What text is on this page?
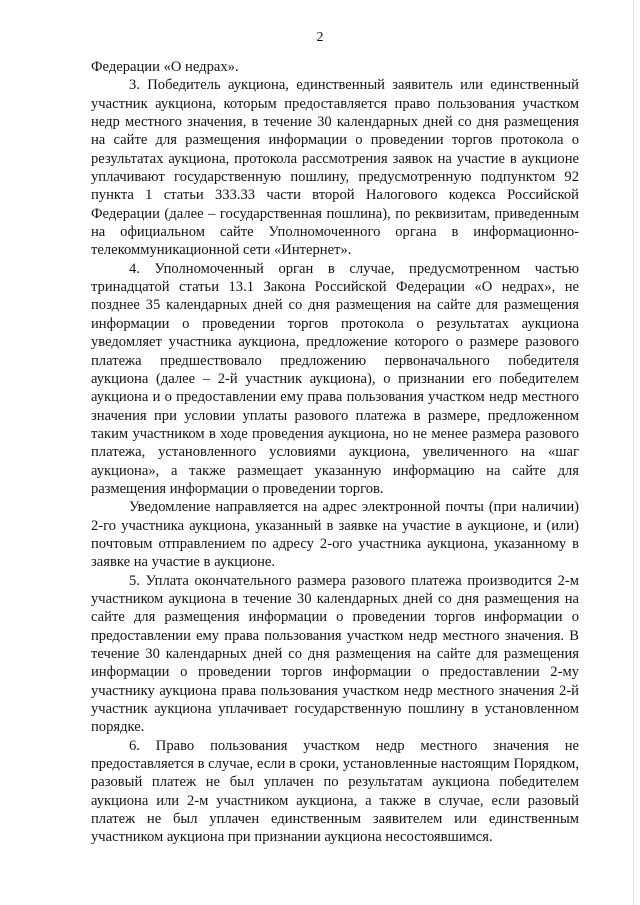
2

Федерации «О недрах».

3. Победитель аукциона, единственный заявитель или единственный участник аукциона, которым предоставляется право пользования участком недр местного значения, в течение 30 календарных дней со дня размещения на сайте для размещения информации о проведении торгов протокола о результатах аукциона, протокола рассмотрения заявок на участие в аукционе уплачивают государственную пошлину, предусмотренную подпунктом 92 пункта 1 статьи 333.33 части второй Налогового кодекса Российской Федерации (далее – государственная пошлина), по реквизитам, приведенным на официальном сайте Уполномоченного органа в информационно-телекоммуникационной сети «Интернет».

4. Уполномоченный орган в случае, предусмотренном частью тринадцатой статьи 13.1 Закона Российской Федерации «О недрах», не позднее 35 календарных дней со дня размещения на сайте для размещения информации о проведении торгов протокола о результатах аукциона уведомляет участника аукциона, предложение которого о размере разового платежа предшествовало предложению первоначального победителя аукциона (далее – 2-й участник аукциона), о признании его победителем аукциона и о предоставлении ему права пользования участком недр местного значения при условии уплаты разового платежа в размере, предложенном таким участником в ходе проведения аукциона, но не менее размера разового платежа, установленного условиями аукциона, увеличенного на «шаг аукциона», а также размещает указанную информацию на сайте для размещения информации о проведении торгов.

Уведомление направляется на адрес электронной почты (при наличии) 2-го участника аукциона, указанный в заявке на участие в аукционе, и (или) почтовым отправлением по адресу 2-ого участника аукциона, указанному в заявке на участие в аукционе.

5. Уплата окончательного размера разового платежа производится 2-м участником аукциона в течение 30 календарных дней со дня размещения на сайте для размещения информации о проведении торгов информации о предоставлении ему права пользования участком недр местного значения. В течение 30 календарных дней со дня размещения на сайте для размещения информации о проведении торгов информации о предоставлении 2-му участнику аукциона права пользования участком недр местного значения 2-й участник аукциона уплачивает государственную пошлину в установленном порядке.

6. Право пользования участком недр местного значения не предоставляется в случае, если в сроки, установленные настоящим Порядком, разовый платеж не был уплачен по результатам аукциона победителем аукциона или 2-м участником аукциона, а также в случае, если разовый платеж не был уплачен единственным заявителем или единственным участником аукциона при признании аукциона несостоявшимся.
